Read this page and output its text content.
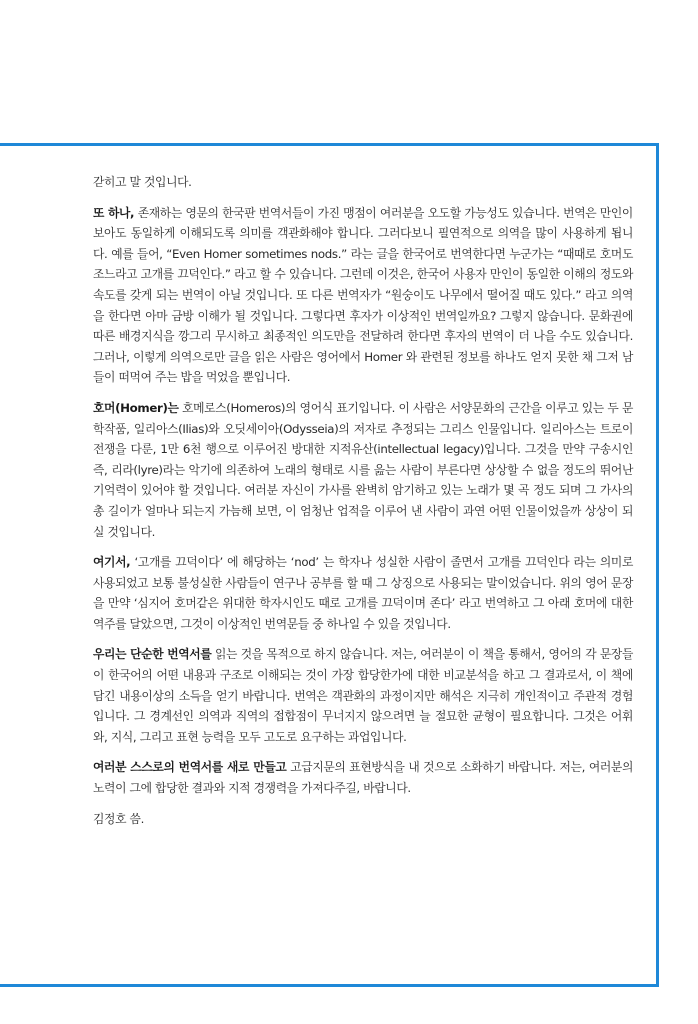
갇히고 말 것입니다.

또 하나, 존재하는 영문의 한국판 번역서들이 가진 맹점이 여러분을 오도할 가능성도 있습니다. 번역은 만인이 보아도 동일하게 이해되도록 의미를 객관화해야 합니다. 그러다보니 필연적으로 의역을 많이 사용하게 됩니다. 예를 들어, “Even Homer sometimes nods.” 라는 글을 한국어로 번역한다면 누군가는 “때때로 호머도 조느라고 고개를 끄덕인다.” 라고 할 수 있습니다. 그런데 이것은, 한국어 사용자 만인이 동일한 이해의 정도와 속도를 갖게 되는 번역이 아닐 것입니다. 또 다른 번역자가 “원숭이도 나무에서 떨어질 때도 있다.” 라고 의역을 한다면 아마 금방 이해가 될 것입니다. 그렇다면 후자가 이상적인 번역일까요? 그렇지 않습니다. 문화권에 따른 배경지식을 깡그리 무시하고 최종적인 의도만을 전달하려 한다면 후자의 번역이 더 나을 수도 있습니다. 그러나, 이렇게 의역으로만 글을 읽은 사람은 영어에서 Homer 와 관련된 정보를 하나도 얻지 못한 채 그저 남들이 떠먹여 주는 밥을 먹었을 뿐입니다.

호머(Homer)는 호메로스(Homeros)의 영어식 표기입니다. 이 사람은 서양문화의 근간을 이루고 있는 두 문학작품, 일리아스(Ilias)와 오딧세이아(Odysseia)의 저자로 추정되는 그리스 인물입니다. 일리아스는 트로이 전쟁을 다룬, 1만 6천 행으로 이루어진 방대한 지적유산(intellectual legacy)입니다. 그것을 만약 구송시인 즉, 리라(lyre)라는 악기에 의존하여 노래의 형태로 시를 읊는 사람이 부른다면 상상할 수 없을 정도의 뛰어난 기억력이 있어야 할 것입니다. 여러분 자신이 가사를 완벽히 암기하고 있는 노래가 몇 곡 정도 되며 그 가사의 총 길이가 얼마나 되는지 가늠해 보면, 이 엄청난 업적을 이루어 낸 사람이 과연 어떤 인물이었을까 상상이 되실 것입니다.

여기서, ‘고개를 끄덕이다’ 에 해당하는 ‘nod’ 는 학자나 성실한 사람이 졸면서 고개를 끄덕인다 라는 의미로 사용되었고 보통 불성실한 사람들이 연구나 공부를 할 때 그 상징으로 사용되는 말이었습니다. 위의 영어 문장을 만약 ‘심지어 호머같은 위대한 학자시인도 때로 고개를 끄덕이며 존다’ 라고 번역하고 그 아래 호머에 대한 역주를 달았으면, 그것이 이상적인 번역문들 중 하나일 수 있을 것입니다.

우리는 단순한 번역서를 읽는 것을 목적으로 하지 않습니다. 저는, 여러분이 이 책을 통해서, 영어의 각 문장들이 한국어의 어떤 내용과 구조로 이해되는 것이 가장 합당한가에 대한 비교분석을 하고 그 결과로서, 이 책에 담긴 내용이상의 소득을 얻기 바랍니다. 번역은 객관화의 과정이지만 해석은 지극히 개인적이고 주관적 경험입니다. 그 경계선인 의역과 직역의 접합점이 무너지지 않으려면 늘 절묘한 균형이 필요합니다. 그것은 어휘와, 지식, 그리고 표현 능력을 모두 고도로 요구하는 과업입니다.

여러분 스스로의 번역서를 새로 만들고 고급지문의 표현방식을 내 것으로 소화하기 바랍니다. 저는, 여러분의 노력이 그에 합당한 결과와 지적 경쟁력을 가져다주길, 바랍니다.

김정호 씀.
